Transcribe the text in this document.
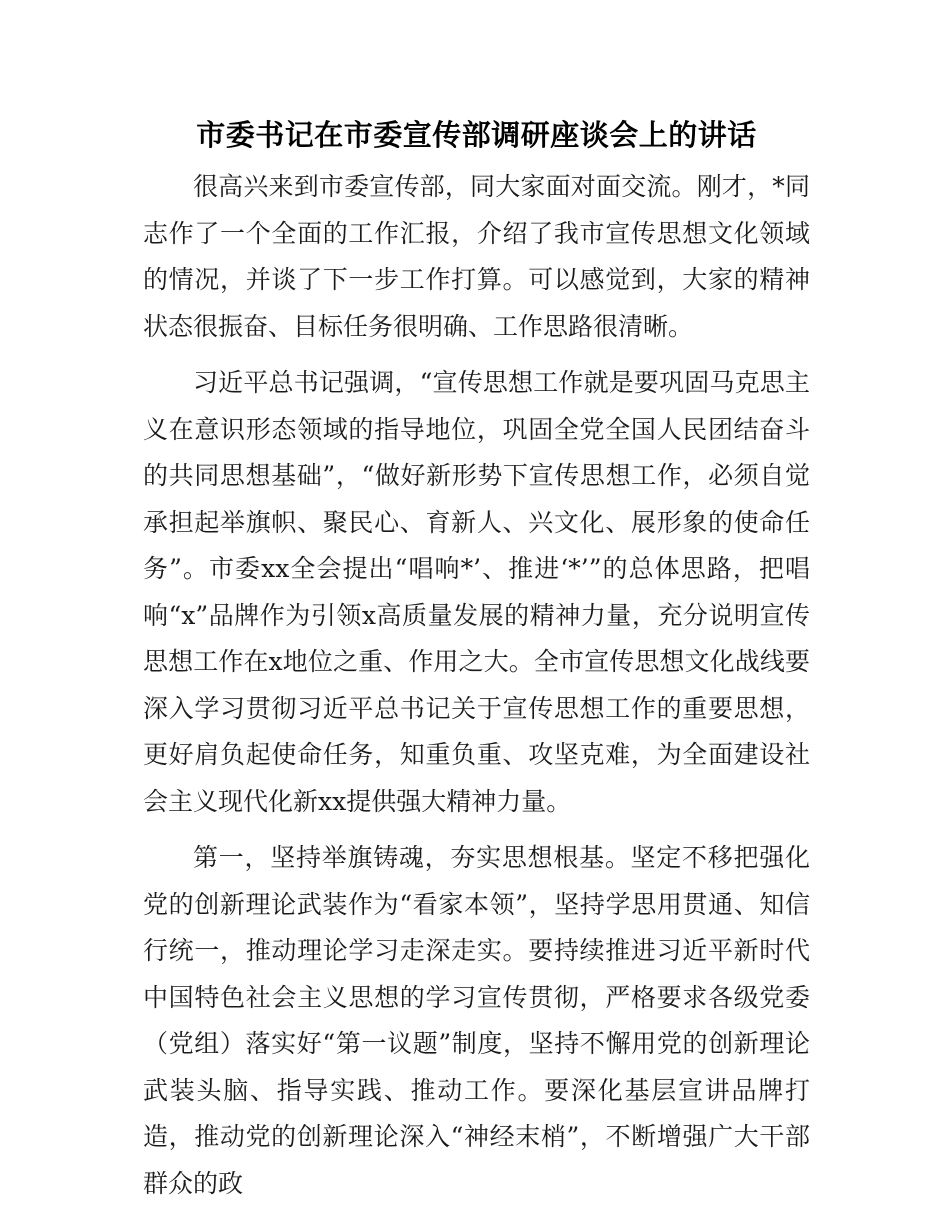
市委书记在市委宣传部调研座谈会上的讲话

很高兴来到市委宣传部，同大家面对面交流。刚才，*同志作了一个全面的工作汇报，介绍了我市宣传思想文化领域的情况，并谈了下一步工作打算。可以感觉到，大家的精神状态很振奋、目标任务很明确、工作思路很清晰。

习近平总书记强调，“宣传思想工作就是要巩固马克思主义在意识形态领域的指导地位，巩固全党全国人民团结奋斗的共同思想基础”，“做好新形势下宣传思想工作，必须自觉承担起举旗帜、聚民心、育新人、兴文化、展形象的使命任务”。市委xx全会提出“唱响*’、推进‘*’”的总体思路，把唱响“x”品牌作为引领x高质量发展的精神力量，充分说明宣传思想工作在x地位之重、作用之大。全市宣传思想文化战线要深入学习贯彻习近平总书记关于宣传思想工作的重要思想，更好肩负起使命任务，知重负重、攻坚克难，为全面建设社会主义现代化新xx提供强大精神力量。

第一，坚持举旗铸魂，夯实思想根基。坚定不移把强化党的创新理论武装作为“看家本领”，坚持学思用贯通、知信行统一，推动理论学习走深走实。要持续推进习近平新时代中国特色社会主义思想的学习宣传贯彻，严格要求各级党委（党组）落实好“第一议题”制度，坚持不懈用党的创新理论武装头脑、指导实践、推动工作。要深化基层宣讲品牌打造，推动党的创新理论深入“神经末梢”，不断增强广大干部群众的政
